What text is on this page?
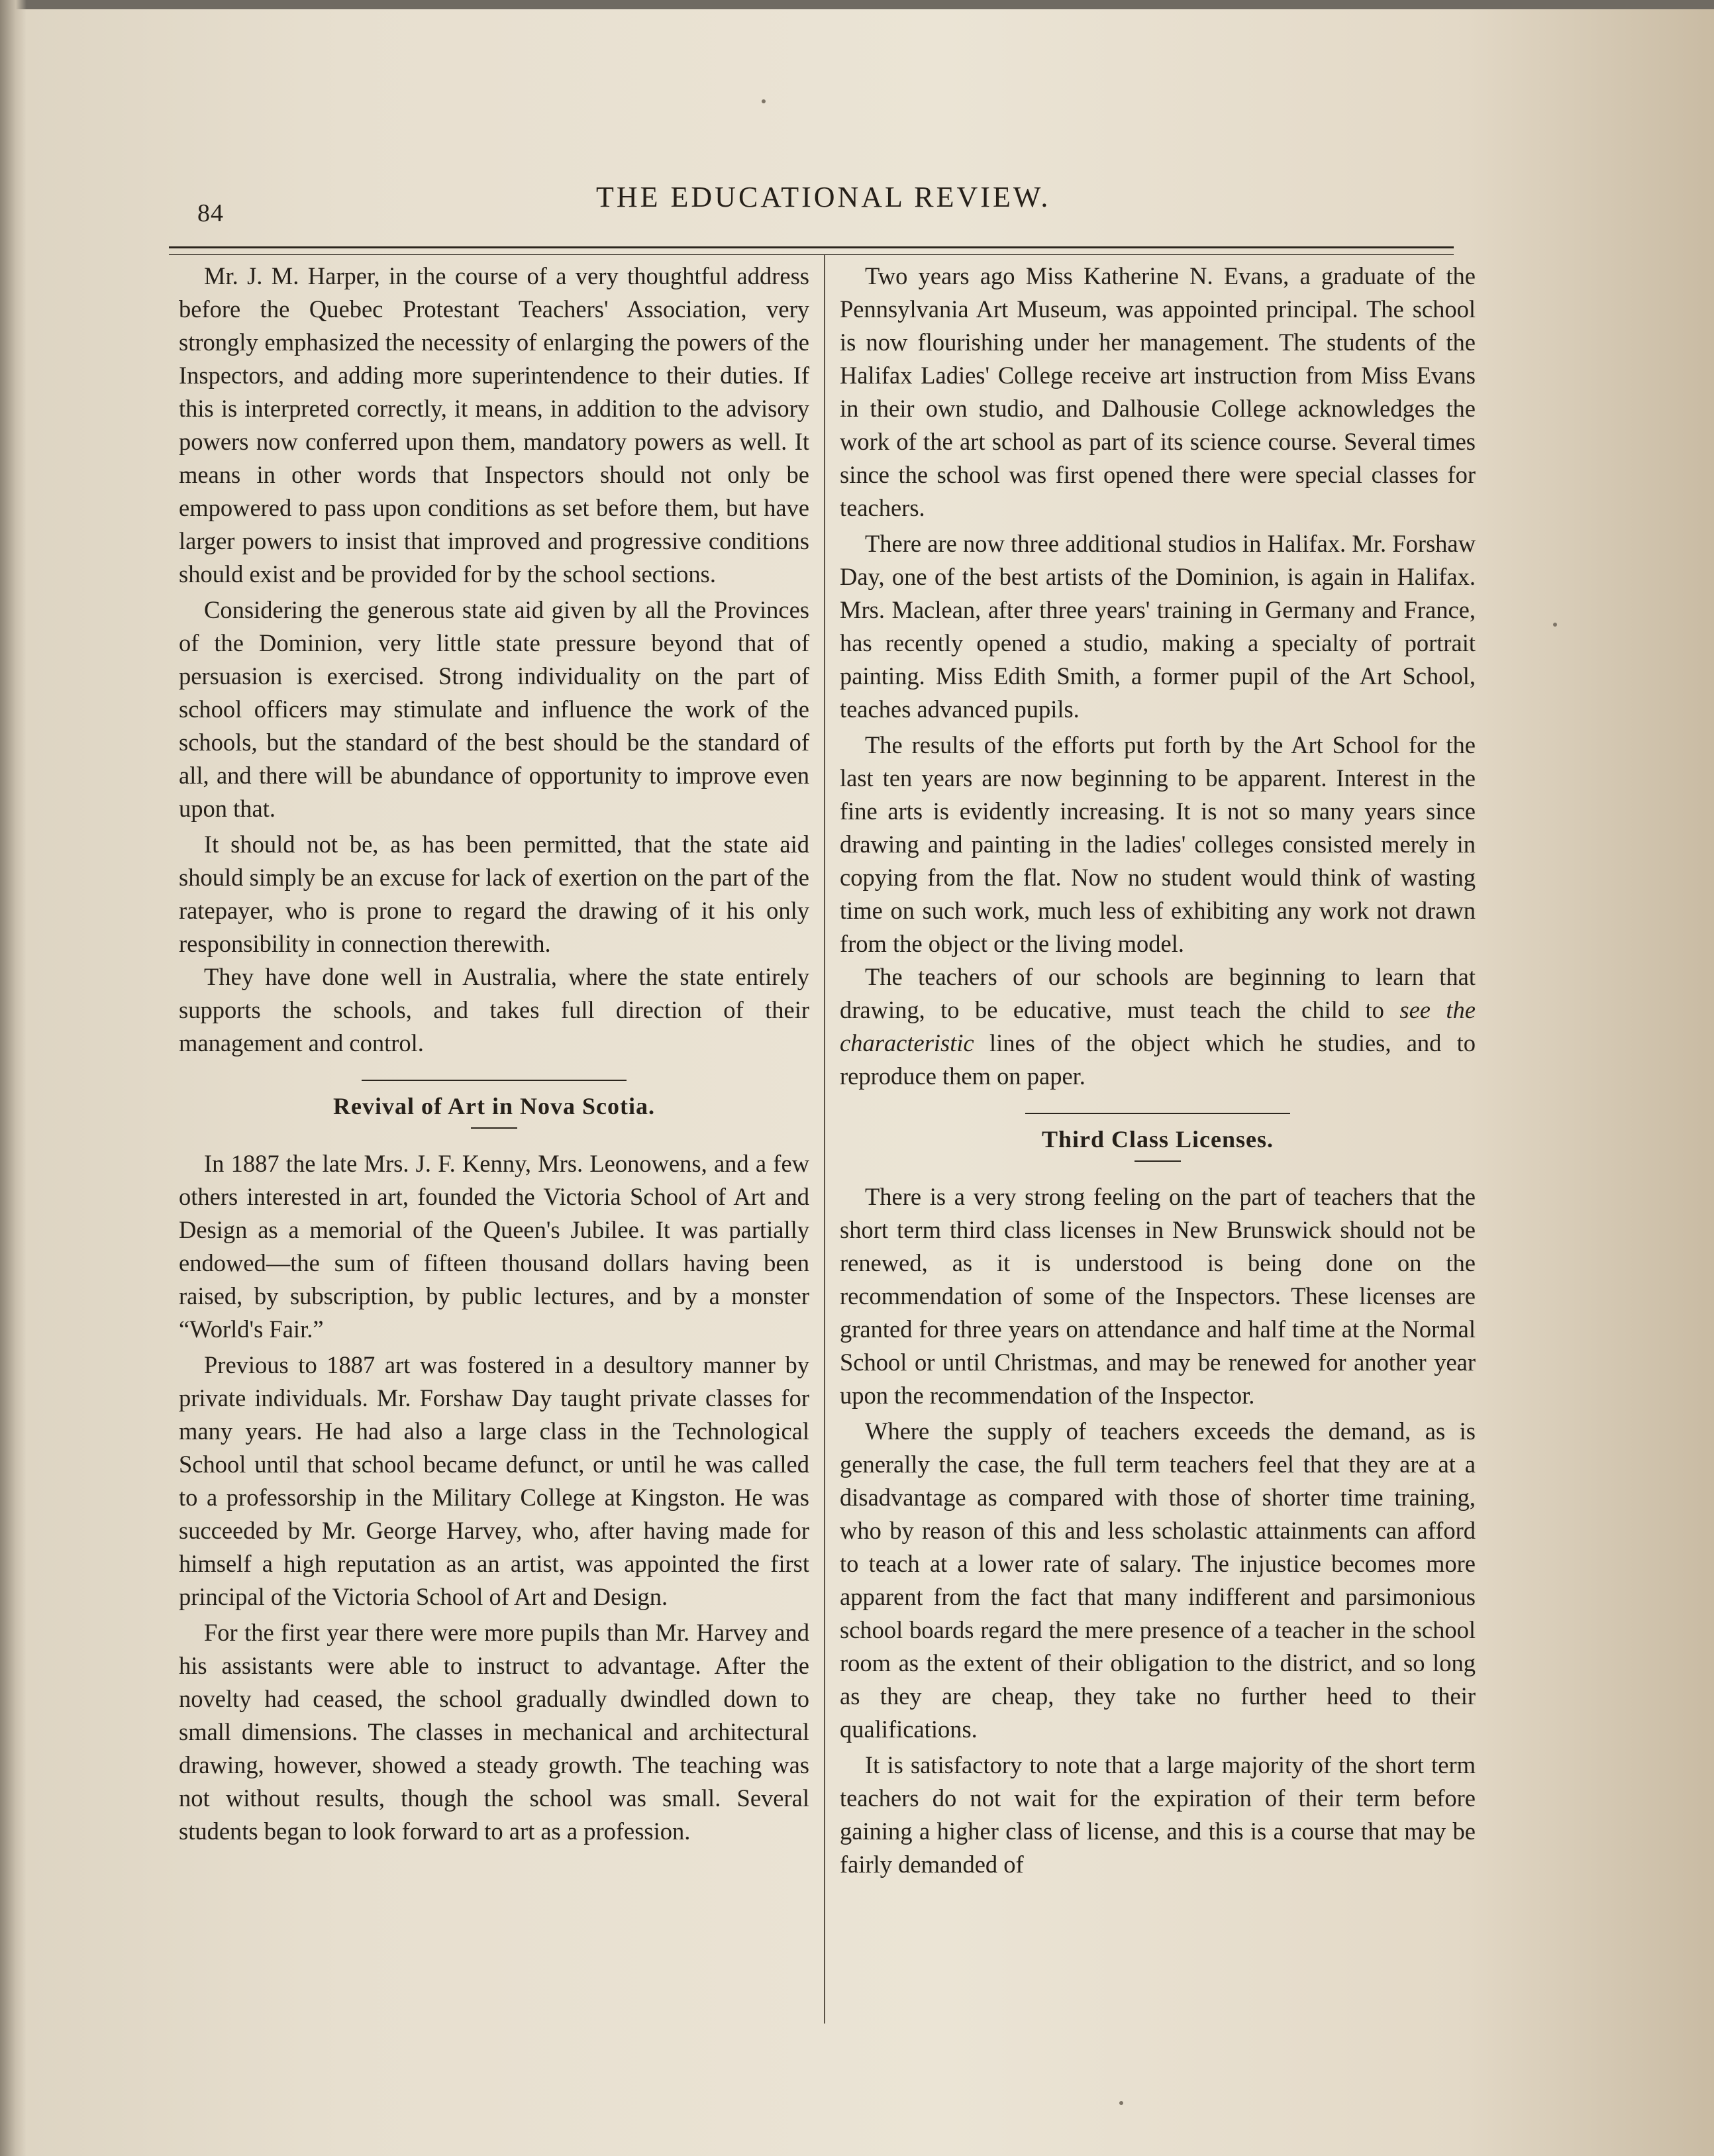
84	THE EDUCATIONAL REVIEW.

Mr. J. M. Harper, in the course of a very thoughtful address before the Quebec Protestant Teachers' Association, very strongly emphasized the necessity of enlarging the powers of the Inspectors, and adding more superintendence to their duties. If this is interpreted correctly, it means, in addition to the advisory powers now conferred upon them, mandatory powers as well. It means in other words that Inspectors should not only be empowered to pass upon conditions as set before them, but have larger powers to insist that improved and progressive conditions should exist and be provided for by the school sections.

Considering the generous state aid given by all the Provinces of the Dominion, very little state pressure beyond that of persuasion is exercised. Strong individuality on the part of school officers may stimulate and influence the work of the schools, but the standard of the best should be the standard of all, and there will be abundance of opportunity to improve even upon that.

It should not be, as has been permitted, that the state aid should simply be an excuse for lack of exertion on the part of the ratepayer, who is prone to regard the drawing of it his only responsibility in connection therewith.

They have done well in Australia, where the state entirely supports the schools, and takes full direction of their management and control.

Revival of Art in Nova Scotia.

In 1887 the late Mrs. J. F. Kenny, Mrs. Leonowens, and a few others interested in art, founded the Victoria School of Art and Design as a memorial of the Queen's Jubilee. It was partially endowed—the sum of fifteen thousand dollars having been raised, by subscription, by public lectures, and by a monster “World's Fair.”

Previous to 1887 art was fostered in a desultory manner by private individuals. Mr. Forshaw Day taught private classes for many years. He had also a large class in the Technological School until that school became defunct, or until he was called to a professorship in the Military College at Kingston. He was succeeded by Mr. George Harvey, who, after having made for himself a high reputation as an artist, was appointed the first principal of the Victoria School of Art and Design.

For the first year there were more pupils than Mr. Harvey and his assistants were able to instruct to advantage. After the novelty had ceased, the school gradually dwindled down to small dimensions. The classes in mechanical and architectural drawing, however, showed a steady growth. The teaching was not without results, though the school was small. Several students began to look forward to art as a profession.

Two years ago Miss Katherine N. Evans, a graduate of the Pennsylvania Art Museum, was appointed principal. The school is now flourishing under her management. The students of the Halifax Ladies' College receive art instruction from Miss Evans in their own studio, and Dalhousie College acknowledges the work of the art school as part of its science course. Several times since the school was first opened there were special classes for teachers.

There are now three additional studios in Halifax. Mr. Forshaw Day, one of the best artists of the Dominion, is again in Halifax. Mrs. Maclean, after three years' training in Germany and France, has recently opened a studio, making a specialty of portrait painting. Miss Edith Smith, a former pupil of the Art School, teaches advanced pupils.

The results of the efforts put forth by the Art School for the last ten years are now beginning to be apparent. Interest in the fine arts is evidently increasing. It is not so many years since drawing and painting in the ladies' colleges consisted merely in copying from the flat. Now no student would think of wasting time on such work, much less of exhibiting any work not drawn from the object or the living model.

The teachers of our schools are beginning to learn that drawing, to be educative, must teach the child to see the characteristic lines of the object which he studies, and to reproduce them on paper.

Third Class Licenses.

There is a very strong feeling on the part of teachers that the short term third class licenses in New Brunswick should not be renewed, as it is understood is being done on the recommendation of some of the Inspectors. These licenses are granted for three years on attendance and half time at the Normal School or until Christmas, and may be renewed for another year upon the recommendation of the Inspector.

Where the supply of teachers exceeds the demand, as is generally the case, the full term teachers feel that they are at a disadvantage as compared with those of shorter time training, who by reason of this and less scholastic attainments can afford to teach at a lower rate of salary. The injustice becomes more apparent from the fact that many indifferent and parsimonious school boards regard the mere presence of a teacher in the school room as the extent of their obligation to the district, and so long as they are cheap, they take no further heed to their qualifications.

It is satisfactory to note that a large majority of the short term teachers do not wait for the expiration of their term before gaining a higher class of license, and this is a course that may be fairly demanded of
